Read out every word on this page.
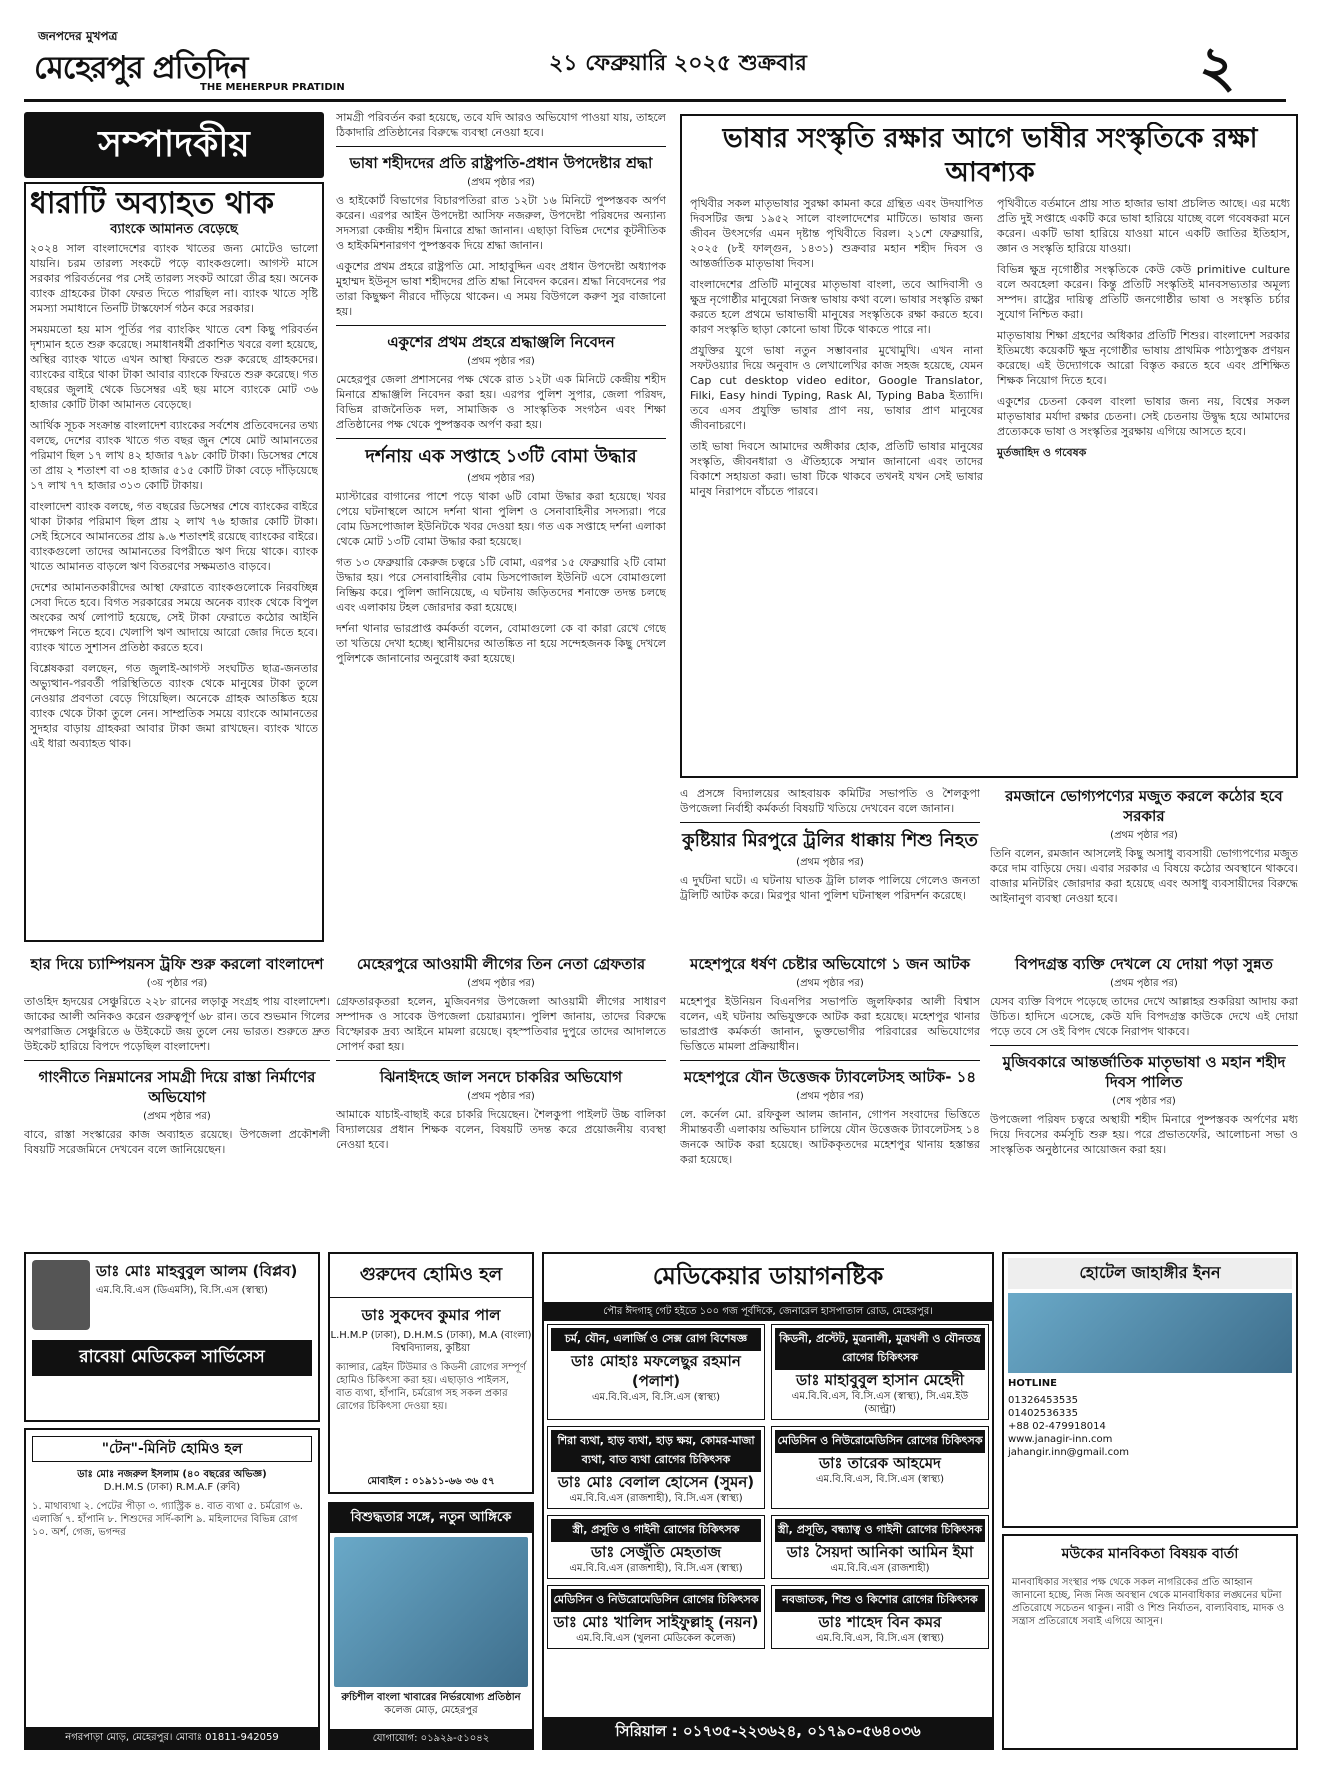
জনপদের মুখপত্র
মেহেরপুর প্রতিদিন
THE MEHERPUR PRATIDIN
২১ ফেব্রুয়ারি ২০২৫ শুক্রবার	২
সম্পাদকীয়
ধারাটি অব্যাহত থাক
ব্যাংকে আমানত বেড়েছে
২০২৪ সাল বাংলাদেশের ব্যাংক খাতের জন্য মোটেও ভালো যায়নি। চরম তারল্য সংকটে পড়ে ব্যাংকগুলো। আগস্ট মাসে সরকার পরিবর্তনের পর সেই তারল্য সংকট আরো তীব্র হয়। অনেক ব্যাংক গ্রাহকের টাকা ফেরত দিতে পারছিল না। ব্যাংক খাতে সৃষ্টি সমস্যা সমাধানে তিনটি টাস্কফোর্স গঠন করে সরকার।
সময়মতো হয় মাস পূর্তির পর ব্যাংকিং খাতে বেশ কিছু পরিবর্তন দৃশ্যমান হতে শুরু করেছে। সমাধানধর্মী প্রকাশিত খবরে বলা হয়েছে, অস্থির ব্যাংক খাতে এখন আস্থা ফিরতে শুরু করেছে গ্রাহকদের। ব্যাংকের বাইরে থাকা টাকা আবার ব্যাংকে ফিরতে শুরু করেছে। গত বছরের জুলাই থেকে ডিসেম্বর এই ছয় মাসে ব্যাংকে মোট ৩৬ হাজার কোটি টাকা আমানত বেড়েছে।
আর্থিক সূচক সংক্রান্ত বাংলাদেশ ব্যাংকের সর্বশেষ প্রতিবেদনের তথ্য বলছে, দেশের ব্যাংক খাতে গত বছর জুন শেষে মোট আমানতের পরিমাণ ছিল ১৭ লাখ ৪২ হাজার ৭৯৮ কোটি টাকা। ডিসেম্বর শেষে তা প্রায় ২ শতাংশ বা ৩৪ হাজার ৫১৫ কোটি টাকা বেড়ে দাঁড়িয়েছে ১৭ লাখ ৭৭ হাজার ৩১৩ কোটি টাকায়।
বাংলাদেশ ব্যাংক বলছে, গত বছরের ডিসেম্বর শেষে ব্যাংকের বাইরে থাকা টাকার পরিমাণ ছিল প্রায় ২ লাখ ৭৬ হাজার কোটি টাকা। সেই হিসেবে আমানতের প্রায় ৯.৬ শতাংশই রয়েছে ব্যাংকের বাইরে। ব্যাংকগুলো তাদের আমানতের বিপরীতে ঋণ দিয়ে থাকে। ব্যাংক খাতে আমানত বাড়লে ঋণ বিতরণের সক্ষমতাও বাড়বে।
দেশের আমানতকারীদের আস্থা ফেরাতে ব্যাংকগুলোকে নিরবচ্ছিন্ন সেবা দিতে হবে। বিগত সরকারের সময়ে অনেক ব্যাংক থেকে বিপুল অংকের অর্থ লোপাট হয়েছে, সেই টাকা ফেরাতে কঠোর আইনি পদক্ষেপ নিতে হবে। খেলাপি ঋণ আদায়ে আরো জোর দিতে হবে। ব্যাংক খাতে সুশাসন প্রতিষ্ঠা করতে হবে।
বিশ্লেষকরা বলছেন, গত জুলাই-আগস্ট সংঘটিত ছাত্র-জনতার অভ্যুত্থান-পরবর্তী পরিস্থিতিতে ব্যাংক থেকে মানুষের টাকা তুলে নেওয়ার প্রবণতা বেড়ে গিয়েছিল। অনেকে গ্রাহক আতঙ্কিত হয়ে ব্যাংক থেকে টাকা তুলে নেন। সাম্প্রতিক সময়ে ব্যাংকে আমানতের সুদহার বাড়ায় গ্রাহকরা আবার টাকা জমা রাখছেন। ব্যাংক খাতে এই ধারা অব্যাহত থাক।
সামগ্রী পরিবর্তন করা হয়েছে, তবে যদি আরও অভিযোগ পাওয়া যায়, তাহলে ঠিকাদারি প্রতিষ্ঠানের বিরুদ্ধে ব্যবস্থা নেওয়া হবে।
ভাষা শহীদদের প্রতি রাষ্ট্রপতি-প্রধান উপদেষ্টার শ্রদ্ধা
(প্রথম পৃষ্ঠার পর)
ও হাইকোর্ট বিভাগের বিচারপতিরা রাত ১২টা ১৬ মিনিটে পুষ্পস্তবক অর্পণ করেন। এরপর আইন উপদেষ্টা আসিফ নজরুল, উপদেষ্টা পরিষদের অন্যান্য সদস্যরা কেন্দ্রীয় শহীদ মিনারে শ্রদ্ধা জানান। এছাড়া বিভিন্ন দেশের কূটনীতিক ও হাইকমিশনারগণ পুষ্পস্তবক দিয়ে শ্রদ্ধা জানান।
একুশের প্রথম প্রহরে রাষ্ট্রপতি মো. সাহাবুদ্দিন এবং প্রধান উপদেষ্টা অধ্যাপক মুহাম্মদ ইউনূস ভাষা শহীদদের প্রতি শ্রদ্ধা নিবেদন করেন। শ্রদ্ধা নিবেদনের পর তারা কিছুক্ষণ নীরবে দাঁড়িয়ে থাকেন। এ সময় বিউগলে করুণ সুর বাজানো হয়।
একুশের প্রথম প্রহরে শ্রদ্ধাঞ্জলি নিবেদন
(প্রথম পৃষ্ঠার পর)
মেহেরপুর জেলা প্রশাসনের পক্ষ থেকে রাত ১২টা এক মিনিটে কেন্দ্রীয় শহীদ মিনারে শ্রদ্ধাঞ্জলি নিবেদন করা হয়। এরপর পুলিশ সুপার, জেলা পরিষদ, বিভিন্ন রাজনৈতিক দল, সামাজিক ও সাংস্কৃতিক সংগঠন এবং শিক্ষা প্রতিষ্ঠানের পক্ষ থেকে পুষ্পস্তবক অর্পণ করা হয়।
দর্শনায় এক সপ্তাহে ১৩টি বোমা উদ্ধার
(প্রথম পৃষ্ঠার পর)
ম্যাস্টারের বাগানের পাশে পড়ে থাকা ৬টি বোমা উদ্ধার করা হয়েছে। খবর পেয়ে ঘটনাস্থলে আসে দর্শনা থানা পুলিশ ও সেনাবাহিনীর সদস্যরা। পরে বোম ডিসপোজাল ইউনিটকে খবর দেওয়া হয়। গত এক সপ্তাহে দর্শনা এলাকা থেকে মোট ১৩টি বোমা উদ্ধার করা হয়েছে।
গত ১৩ ফেব্রুয়ারি কেরুজ চত্বরে ১টি বোমা, এরপর ১৫ ফেব্রুয়ারি ২টি বোমা উদ্ধার হয়। পরে সেনাবাহিনীর বোম ডিসপোজাল ইউনিট এসে বোমাগুলো নিষ্ক্রিয় করে। পুলিশ জানিয়েছে, এ ঘটনায় জড়িতদের শনাক্তে তদন্ত চলছে এবং এলাকায় টহল জোরদার করা হয়েছে।
দর্শনা থানার ভারপ্রাপ্ত কর্মকর্তা বলেন, বোমাগুলো কে বা কারা রেখে গেছে তা খতিয়ে দেখা হচ্ছে। স্থানীয়দের আতঙ্কিত না হয়ে সন্দেহজনক কিছু দেখলে পুলিশকে জানানোর অনুরোধ করা হয়েছে।
ভাষার সংস্কৃতি রক্ষার আগে ভাষীর সংস্কৃতিকে রক্ষা আবশ্যক
পৃথিবীর সকল মাতৃভাষার সুরক্ষা কামনা করে গ্রন্থিত এবং উদযাপিত দিবসটির জন্ম ১৯৫২ সালে বাংলাদেশের মাটিতে। ভাষার জন্য জীবন উৎসর্গের এমন দৃষ্টান্ত পৃথিবীতে বিরল। ২১শে ফেব্রুয়ারি, ২০২৫ (৮ই ফাল্গুন, ১৪৩১) শুক্রবার মহান শহীদ দিবস ও আন্তর্জাতিক মাতৃভাষা দিবস।
বাংলাদেশের প্রতিটি মানুষের মাতৃভাষা বাংলা, তবে আদিবাসী ও ক্ষুদ্র নৃগোষ্ঠীর মানুষেরা নিজস্ব ভাষায় কথা বলে। ভাষার সংস্কৃতি রক্ষা করতে হলে প্রথমে ভাষাভাষী মানুষের সংস্কৃতিকে রক্ষা করতে হবে। কারণ সংস্কৃতি ছাড়া কোনো ভাষা টিকে থাকতে পারে না।
প্রযুক্তির যুগে ভাষা নতুন সম্ভাবনার মুখোমুখি। এখন নানা সফটওয়্যার দিয়ে অনুবাদ ও লেখালেখির কাজ সহজ হয়েছে, যেমন Cap cut desktop video editor, Google Translator, Filki, Easy hindi Typing, Rask AI, Typing Baba ইত্যাদি। তবে এসব প্রযুক্তি ভাষার প্রাণ নয়, ভাষার প্রাণ মানুষের জীবনাচরণে।
তাই ভাষা দিবসে আমাদের অঙ্গীকার হোক, প্রতিটি ভাষার মানুষের সংস্কৃতি, জীবনধারা ও ঐতিহ্যকে সম্মান জানানো এবং তাদের বিকাশে সহায়তা করা। ভাষা টিকে থাকবে তখনই যখন সেই ভাষার মানুষ নিরাপদে বাঁচতে পারবে।
পৃথিবীতে বর্তমানে প্রায় সাত হাজার ভাষা প্রচলিত আছে। এর মধ্যে প্রতি দুই সপ্তাহে একটি করে ভাষা হারিয়ে যাচ্ছে বলে গবেষকরা মনে করেন। একটি ভাষা হারিয়ে যাওয়া মানে একটি জাতির ইতিহাস, জ্ঞান ও সংস্কৃতি হারিয়ে যাওয়া।
বিভিন্ন ক্ষুদ্র নৃগোষ্ঠীর সংস্কৃতিকে কেউ কেউ primitive culture বলে অবহেলা করেন। কিন্তু প্রতিটি সংস্কৃতিই মানবসভ্যতার অমূল্য সম্পদ। রাষ্ট্রের দায়িত্ব প্রতিটি জনগোষ্ঠীর ভাষা ও সংস্কৃতি চর্চার সুযোগ নিশ্চিত করা।
মাতৃভাষায় শিক্ষা গ্রহণের অধিকার প্রতিটি শিশুর। বাংলাদেশ সরকার ইতিমধ্যে কয়েকটি ক্ষুদ্র নৃগোষ্ঠীর ভাষায় প্রাথমিক পাঠ্যপুস্তক প্রণয়ন করেছে। এই উদ্যোগকে আরো বিস্তৃত করতে হবে এবং প্রশিক্ষিত শিক্ষক নিয়োগ দিতে হবে।
একুশের চেতনা কেবল বাংলা ভাষার জন্য নয়, বিশ্বের সকল মাতৃভাষার মর্যাদা রক্ষার চেতনা। সেই চেতনায় উদ্বুদ্ধ হয়ে আমাদের প্রত্যেককে ভাষা ও সংস্কৃতির সুরক্ষায় এগিয়ে আসতে হবে।
মুর্তজাহিদ ও গবেষক
এ প্রসঙ্গে বিদ্যালয়ের আহবায়ক কমিটির সভাপতি ও শৈলকুপা উপজেলা নির্বাহী কর্মকর্তা বিষয়টি খতিয়ে দেখবেন বলে জানান।
কুষ্টিয়ার মিরপুরে ট্রলির ধাক্কায় শিশু নিহত
(প্রথম পৃষ্ঠার পর)
এ দুর্ঘটনা ঘটে। এ ঘটনায় ঘাতক ট্রলি চালক পালিয়ে গেলেও জনতা ট্রলিটি আটক করে। মিরপুর থানা পুলিশ ঘটনাস্থল পরিদর্শন করেছে।
রমজানে ভোগ্যপণ্যের মজুত করলে কঠোর হবে সরকার
(প্রথম পৃষ্ঠার পর)
তিনি বলেন, রমজান আসলেই কিছু অসাধু ব্যবসায়ী ভোগ্যপণ্যের মজুত করে দাম বাড়িয়ে দেয়। এবার সরকার এ বিষয়ে কঠোর অবস্থানে থাকবে। বাজার মনিটরিং জোরদার করা হয়েছে এবং অসাধু ব্যবসায়ীদের বিরুদ্ধে আইনানুগ ব্যবস্থা নেওয়া হবে।
হার দিয়ে চ্যাম্পিয়নস ট্রফি শুরু করলো বাংলাদেশ
(৩য় পৃষ্ঠার পর)
তাওহিদ হৃদয়ের সেঞ্চুরিতে ২২৮ রানের লড়াকু সংগ্রহ পায় বাংলাদেশ। জাকের আলী অনিকও করেন গুরুত্বপূর্ণ ৬৮ রান। তবে শুভমান গিলের অপরাজিত সেঞ্চুরিতে ৬ উইকেটে জয় তুলে নেয় ভারত। শুরুতে দ্রুত উইকেট হারিয়ে বিপদে পড়েছিল বাংলাদেশ।
গাংনীতে নিম্নমানের সামগ্রী দিয়ে রাস্তা নির্মাণের অভিযোগ
(প্রথম পৃষ্ঠার পর)
বাবে, রাস্তা সংস্কারের কাজ অব্যাহত রয়েছে। উপজেলা প্রকৌশলী বিষয়টি সরেজমিনে দেখবেন বলে জানিয়েছেন।
মেহেরপুরে আওয়ামী লীগের তিন নেতা গ্রেফতার
(প্রথম পৃষ্ঠার পর)
গ্রেফতারকৃতরা হলেন, মুজিবনগর উপজেলা আওয়ামী লীগের সাধারণ সম্পাদক ও সাবেক উপজেলা চেয়ারম্যান। পুলিশ জানায়, তাদের বিরুদ্ধে বিস্ফোরক দ্রব্য আইনে মামলা রয়েছে। বৃহস্পতিবার দুপুরে তাদের আদালতে সোপর্দ করা হয়।
ঝিনাইদহে জাল সনদে চাকরির অভিযোগ
(প্রথম পৃষ্ঠার পর)
আমাকে যাচাই-বাছাই করে চাকরি দিয়েছেন। শৈলকুপা পাইলট উচ্চ বালিকা বিদ্যালয়ের প্রধান শিক্ষক বলেন, বিষয়টি তদন্ত করে প্রয়োজনীয় ব্যবস্থা নেওয়া হবে।
মহেশপুরে ধর্ষণ চেষ্টার অভিযোগে ১ জন আটক
(প্রথম পৃষ্ঠার পর)
মহেশপুর ইউনিয়ন বিএনপির সভাপতি জুলফিকার আলী বিশ্বাস বলেন, এই ঘটনায় অভিযুক্তকে আটক করা হয়েছে। মহেশপুর থানার ভারপ্রাপ্ত কর্মকর্তা জানান, ভুক্তভোগীর পরিবারের অভিযোগের ভিত্তিতে মামলা প্রক্রিয়াধীন।
মহেশপুরে যৌন উত্তেজক ট্যাবলেটসহ আটক- ১৪
(প্রথম পৃষ্ঠার পর)
লে. কর্নেল মো. রফিকুল আলম জানান, গোপন সংবাদের ভিত্তিতে সীমান্তবর্তী এলাকায় অভিযান চালিয়ে যৌন উত্তেজক ট্যাবলেটসহ ১৪ জনকে আটক করা হয়েছে। আটককৃতদের মহেশপুর থানায় হস্তান্তর করা হয়েছে।
বিপদগ্রস্ত ব্যক্তি দেখলে যে দোয়া পড়া সুন্নত
(প্রথম পৃষ্ঠার পর)
যেসব ব্যক্তি বিপদে পড়েছে তাদের দেখে আল্লাহর শুকরিয়া আদায় করা উচিত। হাদিসে এসেছে, কেউ যদি বিপদগ্রস্ত কাউকে দেখে এই দোয়া পড়ে তবে সে ওই বিপদ থেকে নিরাপদ থাকবে।
মুজিবকারে আন্তর্জাতিক মাতৃভাষা ও মহান শহীদ দিবস পালিত
(শেষ পৃষ্ঠার পর)
উপজেলা পরিষদ চত্বরে অস্থায়ী শহীদ মিনারে পুষ্পস্তবক অর্পণের মধ্য দিয়ে দিবসের কর্মসূচি শুরু হয়। পরে প্রভাতফেরি, আলোচনা সভা ও সাংস্কৃতিক অনুষ্ঠানের আয়োজন করা হয়।
ডাঃ মোঃ মাহবুবুল আলম (বিপ্লব)
এম.বি.বি.এস (ডিএমসি), বি.সি.এস (স্বাস্থ্য)
রাবেয়া মেডিকেল সার্ভিসেস
"টেন"-মিনিট হোমিও হল
ডাঃ মোঃ নজরুল ইসলাম (৪০ বছরের অভিজ্ঞ)
D.H.M.S (ঢাকা) R.M.A.F (রুবি)
১. মাথাব্যথা ২. পেটের পীড়া ৩. গ্যাস্ট্রিক ৪. বাত ব্যথা ৫. চর্মরোগ ৬. এলার্জি ৭. হাঁপানি ৮. শিশুদের সর্দি-কাশি ৯. মহিলাদের বিভিন্ন রোগ ১০. অর্শ, গেজ, ভগন্দর
নগরপাড়া মোড়, মেহেরপুর। মোবাঃ 01811-942059
গুরুদেব হোমিও হল
ডাঃ সুকদেব কুমার পাল
L.H.M.P (ঢাকা), D.H.M.S (ঢাকা), M.A (বাংলা) বিশ্ববিদ্যালয়, কুষ্টিয়া
ক্যান্সার, ব্রেইন টিউমার ও কিডনী রোগের সম্পূর্ণ হোমিও চিকিৎসা করা হয়। এছাড়াও পাইলস, বাত ব্যথা, হাঁপানি, চর্মরোগ সহ সকল প্রকার রোগের চিকিৎসা দেওয়া হয়।
মোবাইল : ০১৯১১-৬৬ ৩৬ ৫৭
বিশুদ্ধতার সঙ্গে, নতুন আঙ্গিকে
রুচিশীল বাংলা খাবারের নির্ভরযোগ্য প্রতিষ্ঠান
কলেজ মোড়, মেহেরপুর
যোগাযোগ: ০১৯২৯-৫১০৪২
মেডিকেয়ার ডায়াগনষ্টিক
পৌর ঈদগাহ্ গেট হইতে ১০০ গজ পূর্বদিকে, জেনারেল হাসপাতাল রোড, মেহেরপুর।
চর্ম, যৌন, এলার্জি ও সেক্স রোগ বিশেষজ্ঞ
ডাঃ মোহাঃ মফলেছুর রহমান (পলাশ)
এম.বি.বি.এস, বি.সি.এস (স্বাস্থ্য)
কিডনী, প্রস্টেট, মুত্রনালী, মুত্রথলী ও যৌনতন্ত্র রোগের চিকিৎসক
ডাঃ মাহাবুবুল হাসান মেহেদী
এম.বি.বি.এস, বি.সি.এস (স্বাস্থ্য), সি.এম.ইউ (আল্ট্রা)
শিরা ব্যথা, হাড় ব্যথা, হাড় ক্ষয়, কোমর-মাজা ব্যথা, বাত ব্যথা রোগের চিকিৎসক
ডাঃ মোঃ বেলাল হোসেন (সুমন)
এম.বি.বি.এস (রাজশাহী), বি.সি.এস (স্বাস্থ্য)
মেডিসিন ও নিউরোমেডিসিন রোগের চিকিৎসক
ডাঃ তারেক আহমেদ
এম.বি.বি.এস, বি.সি.এস (স্বাস্থ্য)
স্ত্রী, প্রসূতি ও গাইনী রোগের চিকিৎসক
ডাঃ সেজুঁতি মেহতাজ
এম.বি.বি.এস (রাজশাহী), বি.সি.এস (স্বাস্থ্য)
স্ত্রী, প্রসূতি, বন্ধ্যাত্ব ও গাইনী রোগের চিকিৎসক
ডাঃ সৈয়দা আনিকা আমিন ইমা
এম.বি.বি.এস (রাজশাহী)
মেডিসিন ও নিউরোমেডিসিন রোগের চিকিৎসক
ডাঃ মোঃ খালিদ সাইফুল্লাহ্ (নয়ন)
এম.বি.বি.এস (খুলনা মেডিকেল কলেজ)
নবজাতক, শিশু ও কিশোর রোগের চিকিৎসক
ডাঃ শাহেদ বিন কমর
এম.বি.বি.এস, বি.সি.এস (স্বাস্থ্য)
সিরিয়াল : ০১৭৩৫-২২৩৬২৪, ০১৭৯০-৫৬৪০৩৬
হোটেল জাহাঙ্গীর ইনন
HOTLINE
01326453535
01402536335
+88 02-479918014
www.janagir-inn.com
jahangir.inn@gmail.com
মউকের মানবিকতা বিষয়ক বার্তা
মানবাধিকার সংস্থার পক্ষ থেকে সকল নাগরিকের প্রতি আহ্বান জানানো হচ্ছে, নিজ নিজ অবস্থান থেকে মানবাধিকার লঙ্ঘনের ঘটনা প্রতিরোধে সচেতন থাকুন। নারী ও শিশু নির্যাতন, বাল্যবিবাহ, মাদক ও সন্ত্রাস প্রতিরোধে সবাই এগিয়ে আসুন।
